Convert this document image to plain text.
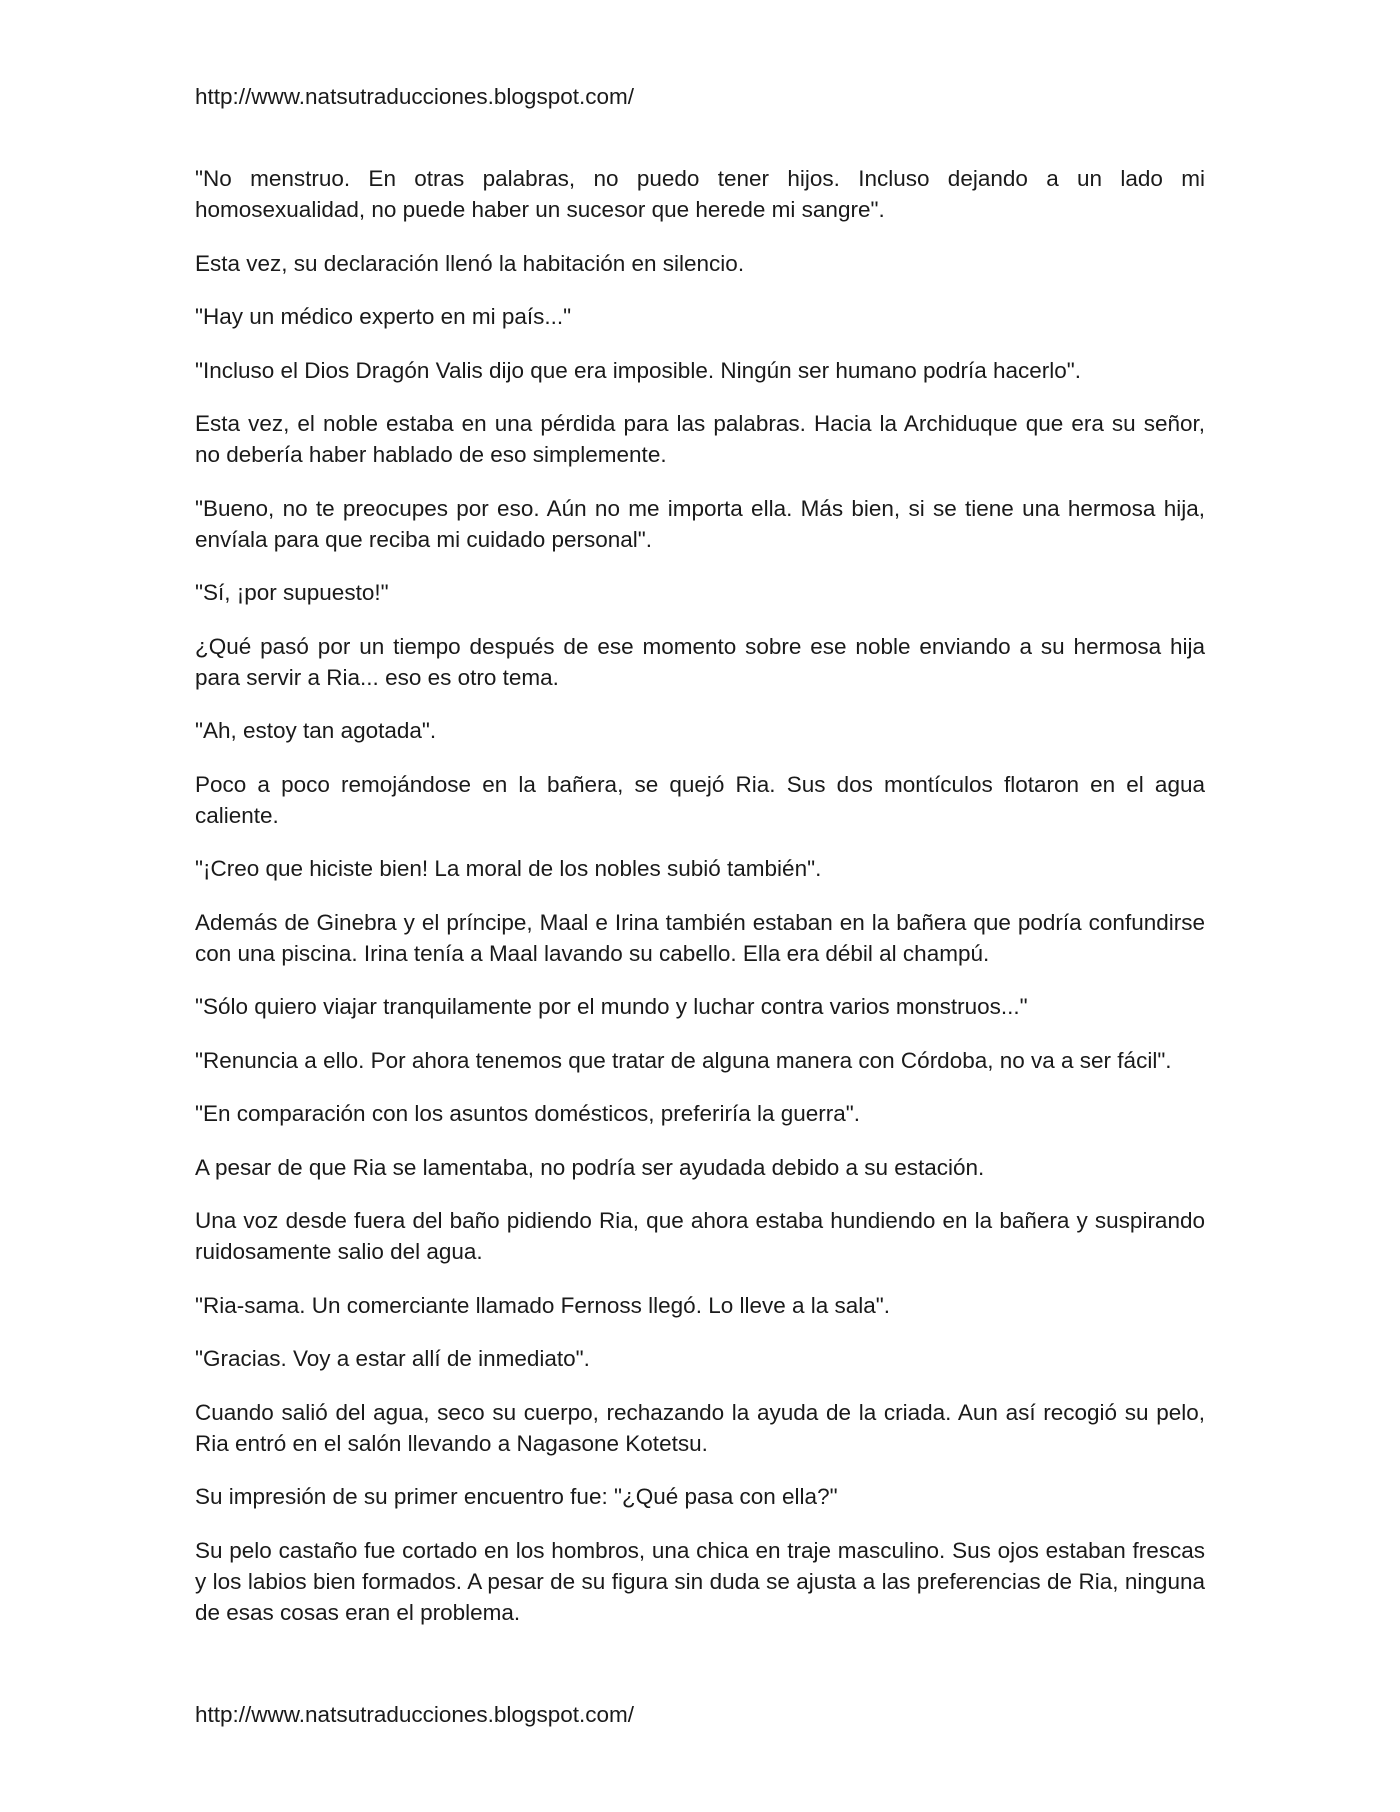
http://www.natsutraducciones.blogspot.com/

"No menstruo. En otras palabras, no puedo tener hijos. Incluso dejando a un lado mi homosexualidad, no puede haber un sucesor que herede mi sangre".

Esta vez, su declaración llenó la habitación en silencio.

"Hay un médico experto en mi país..."

"Incluso el Dios Dragón Valis dijo que era imposible. Ningún ser humano podría hacerlo".

Esta vez, el noble estaba en una pérdida para las palabras. Hacia la Archiduque que era su señor, no debería haber hablado de eso simplemente.

"Bueno, no te preocupes por eso. Aún no me importa ella. Más bien, si se tiene una hermosa hija, envíala para que reciba mi cuidado personal".

"Sí, ¡por supuesto!"

¿Qué pasó por un tiempo después de ese momento sobre ese noble enviando a su hermosa hija para servir a Ria... eso es otro tema.

"Ah, estoy tan agotada".

Poco a poco remojándose en la bañera, se quejó Ria. Sus dos montículos flotaron en el agua caliente.

"¡Creo que hiciste bien! La moral de los nobles subió también".

Además de Ginebra y el príncipe, Maal e Irina también estaban en la bañera que podría confundirse con una piscina. Irina tenía a Maal lavando su cabello. Ella era débil al champú.

"Sólo quiero viajar tranquilamente por el mundo y luchar contra varios monstruos..."

"Renuncia a ello. Por ahora tenemos que tratar de alguna manera con Córdoba, no va a ser fácil".

"En comparación con los asuntos domésticos, preferiría la guerra".

A pesar de que Ria se lamentaba, no podría ser ayudada debido a su estación.

Una voz desde fuera del baño pidiendo Ria, que ahora estaba hundiendo en la bañera y suspirando ruidosamente salio del agua.

"Ria-sama. Un comerciante llamado Fernoss llegó. Lo lleve a la sala".

"Gracias. Voy a estar allí de inmediato".

Cuando salió del agua, seco su cuerpo, rechazando la ayuda de la criada. Aun así recogió su pelo, Ria entró en el salón llevando a Nagasone Kotetsu.

Su impresión de su primer encuentro fue: "¿Qué pasa con ella?"

Su pelo castaño fue cortado en los hombros, una chica en traje masculino. Sus ojos estaban frescas y los labios bien formados. A pesar de su figura sin duda se ajusta a las preferencias de Ria, ninguna de esas cosas eran el problema.

http://www.natsutraducciones.blogspot.com/
